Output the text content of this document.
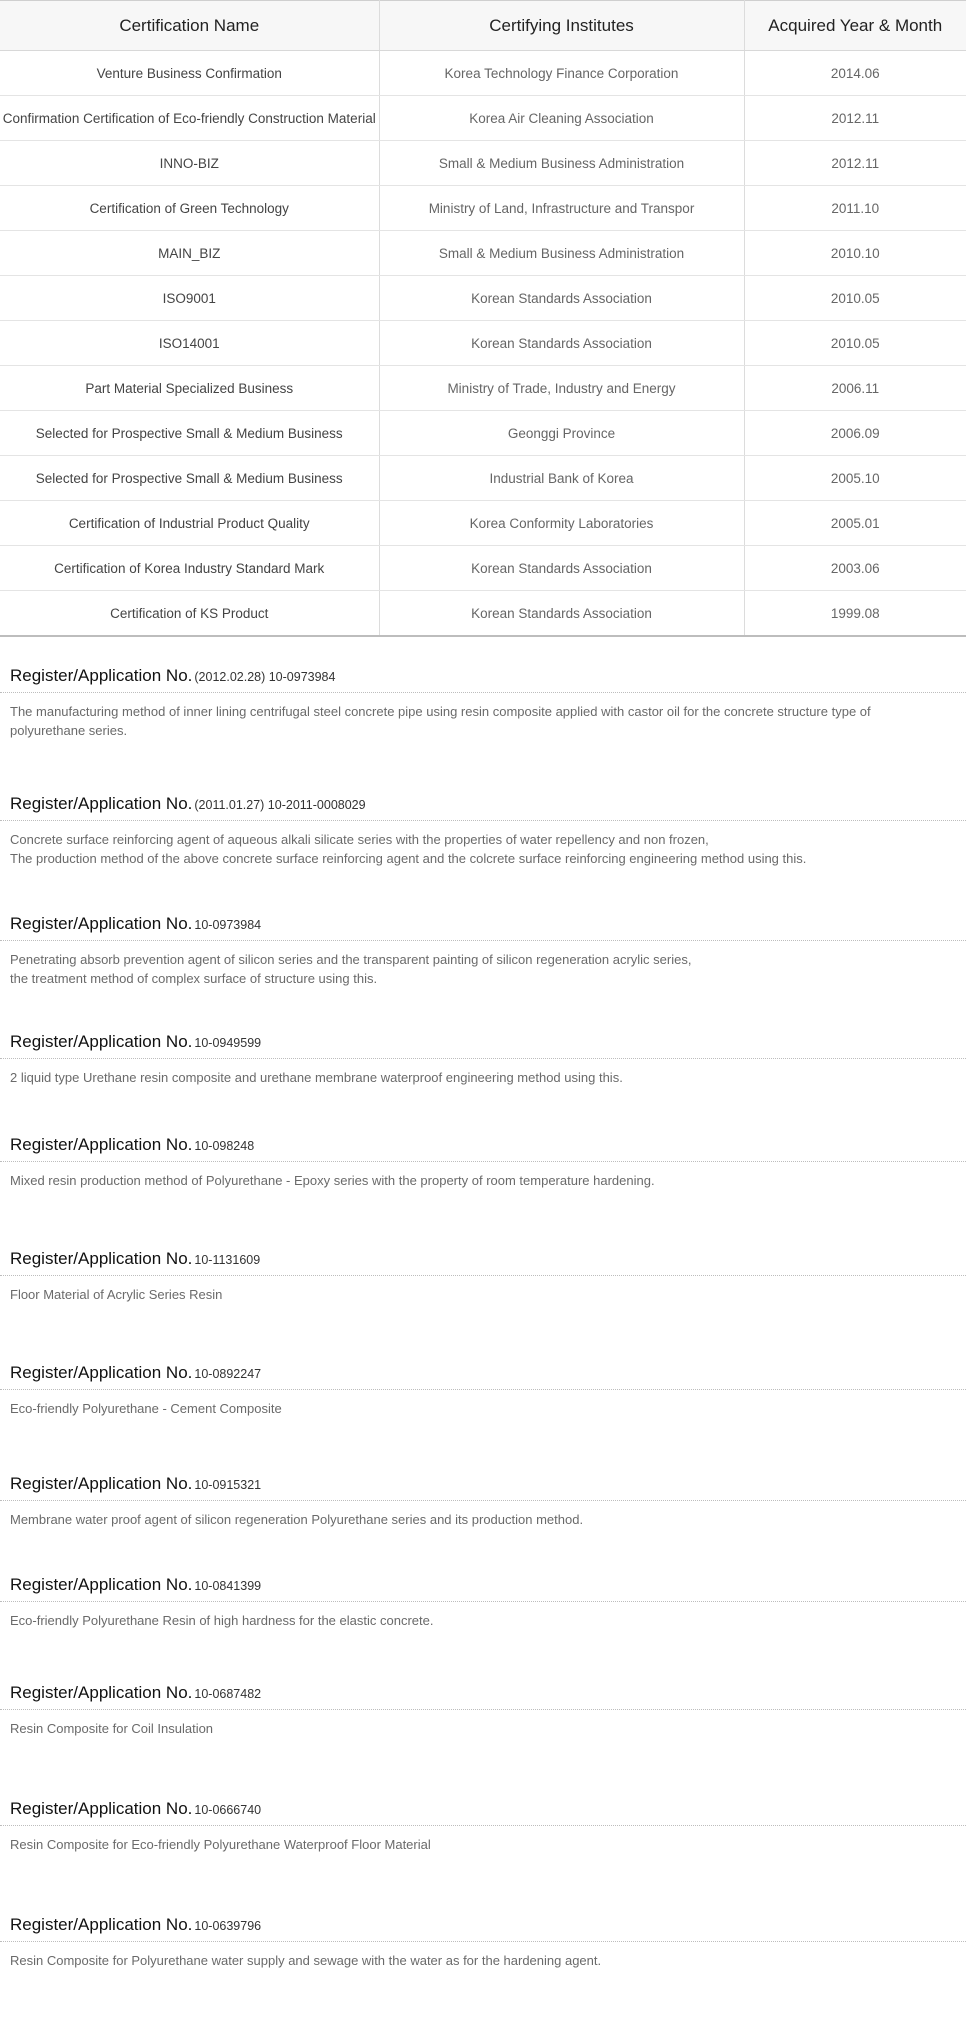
Certification Name	Certifying Institutes	Acquired Year & Month
Venture Business Confirmation	Korea Technology Finance Corporation	2014.06
Confirmation Certification of Eco-friendly Construction Material	Korea Air Cleaning Association	2012.11
INNO-BIZ	Small & Medium Business Administration	2012.11
Certification of Green Technology	Ministry of Land, Infrastructure and Transpor	2011.10
MAIN_BIZ	Small & Medium Business Administration	2010.10
ISO9001	Korean Standards Association	2010.05
ISO14001	Korean Standards Association	2010.05
Part Material Specialized Business	Ministry of Trade, Industry and Energy	2006.11
Selected for Prospective Small & Medium Business	Geonggi Province	2006.09
Selected for Prospective Small & Medium Business	Industrial Bank of Korea	2005.10
Certification of Industrial Product Quality	Korea Conformity Laboratories	2005.01
Certification of Korea Industry Standard Mark	Korean Standards Association	2003.06
Certification of KS Product	Korean Standards Association	1999.08
Register/Application No. (2012.02.28) 10-0973984

The manufacturing method of inner lining centrifugal steel concrete pipe using resin composite applied with castor oil for the concrete structure type of

polyurethane series.

Register/Application No. (2011.01.27) 10-2011-0008029

Concrete surface reinforcing agent of aqueous alkali silicate series with the properties of water repellency and non frozen,

The production method of the above concrete surface reinforcing agent and the colcrete surface reinforcing engineering method using this.

Register/Application No. 10-0973984

Penetrating absorb prevention agent of silicon series and the transparent painting of silicon regeneration acrylic series,

the treatment method of complex surface of structure using this.

Register/Application No. 10-0949599

2 liquid type Urethane resin composite and urethane membrane waterproof engineering method using this.

Register/Application No. 10-098248

Mixed resin production method of Polyurethane - Epoxy series with the property of room temperature hardening.

Register/Application No. 10-1131609

Floor Material of Acrylic Series Resin

Register/Application No. 10-0892247

Eco-friendly Polyurethane - Cement Composite

Register/Application No. 10-0915321

Membrane water proof agent of silicon regeneration Polyurethane series and its production method.

Register/Application No. 10-0841399

Eco-friendly Polyurethane Resin of high hardness for the elastic concrete.

Register/Application No. 10-0687482

Resin Composite for Coil Insulation

Register/Application No. 10-0666740

Resin Composite for Eco-friendly Polyurethane Waterproof Floor Material

Register/Application No. 10-0639796

Resin Composite for Polyurethane water supply and sewage with the water as for the hardening agent.
